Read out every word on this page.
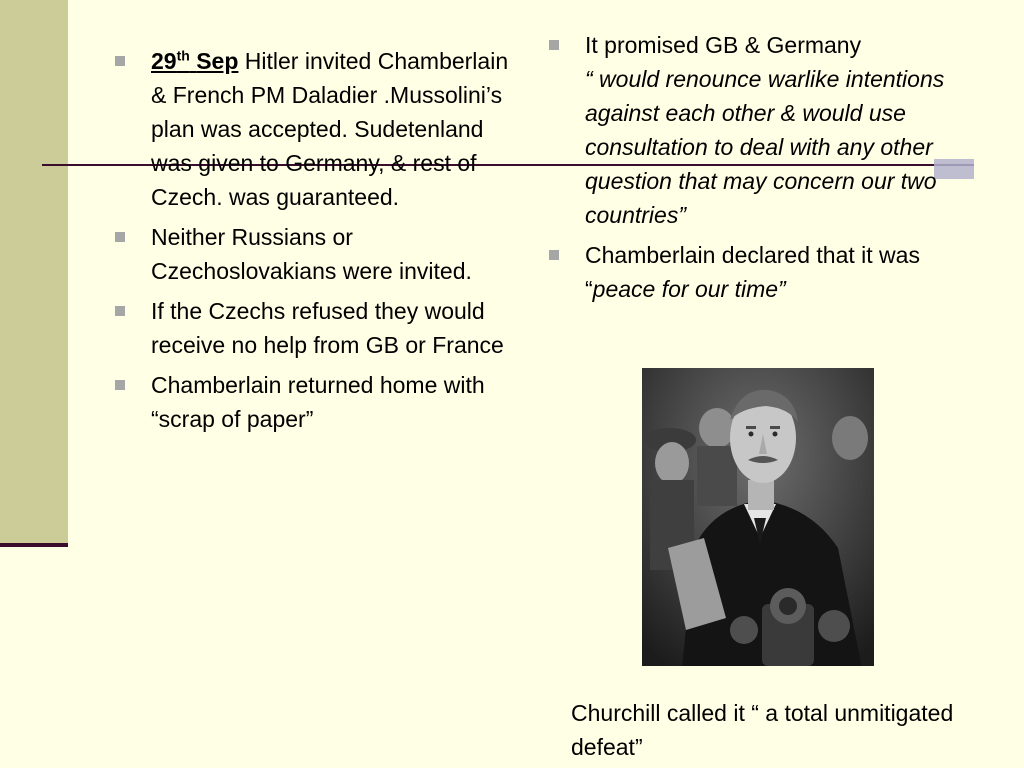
29th Sep Hitler invited Chamberlain & French PM Daladier .Mussolini’s plan was accepted. Sudetenland was given to Germany, & rest of Czech. was guaranteed.
Neither Russians or Czechoslovakians were invited.
If the Czechs refused they would receive no help from GB or France
Chamberlain returned home with “scrap of paper”
It promised GB & Germany
“ would renounce warlike intentions against each other & would use consultation to deal with any other question that may concern our two countries”
Chamberlain declared that it was “peace for our time”
Churchill called it “ a total unmitigated defeat”
